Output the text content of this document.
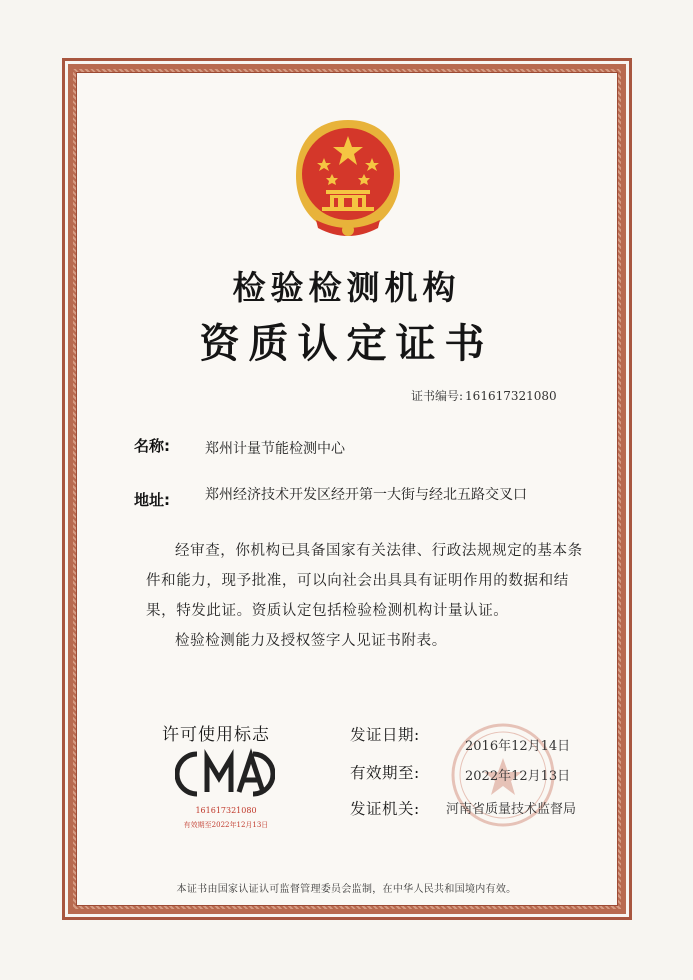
检验检测机构
资质认定证书
证书编号: 161617321080
名称:	郑州计量节能检测中心
地址:	郑州经济技术开发区经开第一大街与经北五路交叉口

经审查，你机构已具备国家有关法律、行政法规规定的基本条件和能力，现予批准，可以向社会出具具有证明作用的数据和结果，特发此证。资质认定包括检验检测机构计量认证。

检验检测能力及授权签字人见证书附表。

许可使用标志
161617321080
有效期至2022年12月13日
发证日期:
2016年12月14日
有效期至:	2022年12月13日
发证机关: 河南省质量技术监督局
本证书由国家认证认可监督管理委员会监制，在中华人民共和国境内有效。
